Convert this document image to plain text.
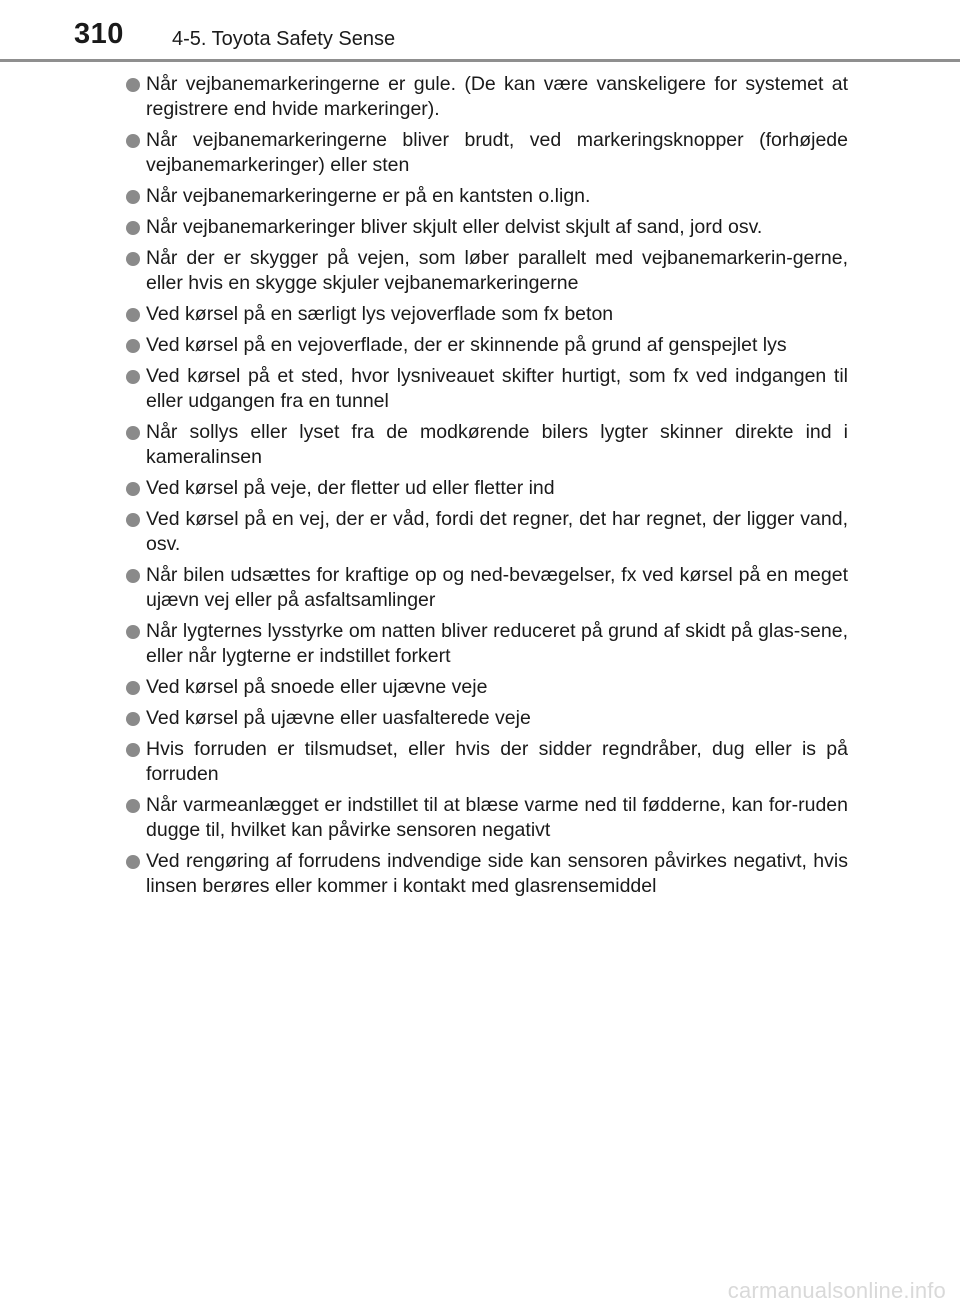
310 4-5. Toyota Safety Sense
Når vejbanemarkeringerne er gule. (De kan være vanskeligere for systemet at registrere end hvide markeringer).
Når vejbanemarkeringerne bliver brudt, ved markeringsknopper (forhøjede vejbanemarkeringer) eller sten
Når vejbanemarkeringerne er på en kantsten o.lign.
Når vejbanemarkeringer bliver skjult eller delvist skjult af sand, jord osv.
Når der er skygger på vejen, som løber parallelt med vejbanemarkerin-gerne, eller hvis en skygge skjuler vejbanemarkeringerne
Ved kørsel på en særligt lys vejoverflade som fx beton
Ved kørsel på en vejoverflade, der er skinnende på grund af genspejlet lys
Ved kørsel på et sted, hvor lysniveauet skifter hurtigt, som fx ved indgangen til eller udgangen fra en tunnel
Når sollys eller lyset fra de modkørende bilers lygter skinner direkte ind i kameralinsen
Ved kørsel på veje, der fletter ud eller fletter ind
Ved kørsel på en vej, der er våd, fordi det regner, det har regnet, der ligger vand, osv.
Når bilen udsættes for kraftige op og ned-bevægelser, fx ved kørsel på en meget ujævn vej eller på asfaltsamlinger
Når lygternes lysstyrke om natten bliver reduceret på grund af skidt på glas-sene, eller når lygterne er indstillet forkert
Ved kørsel på snoede eller ujævne veje
Ved kørsel på ujævne eller uasfalterede veje
Hvis forruden er tilsmudset, eller hvis der sidder regndråber, dug eller is på forruden
Når varmeanlægget er indstillet til at blæse varme ned til fødderne, kan for-ruden dugge til, hvilket kan påvirke sensoren negativt
Ved rengøring af forrudens indvendige side kan sensoren påvirkes negativt, hvis linsen berøres eller kommer i kontakt med glasrensemiddel
carmanualsonline.info
